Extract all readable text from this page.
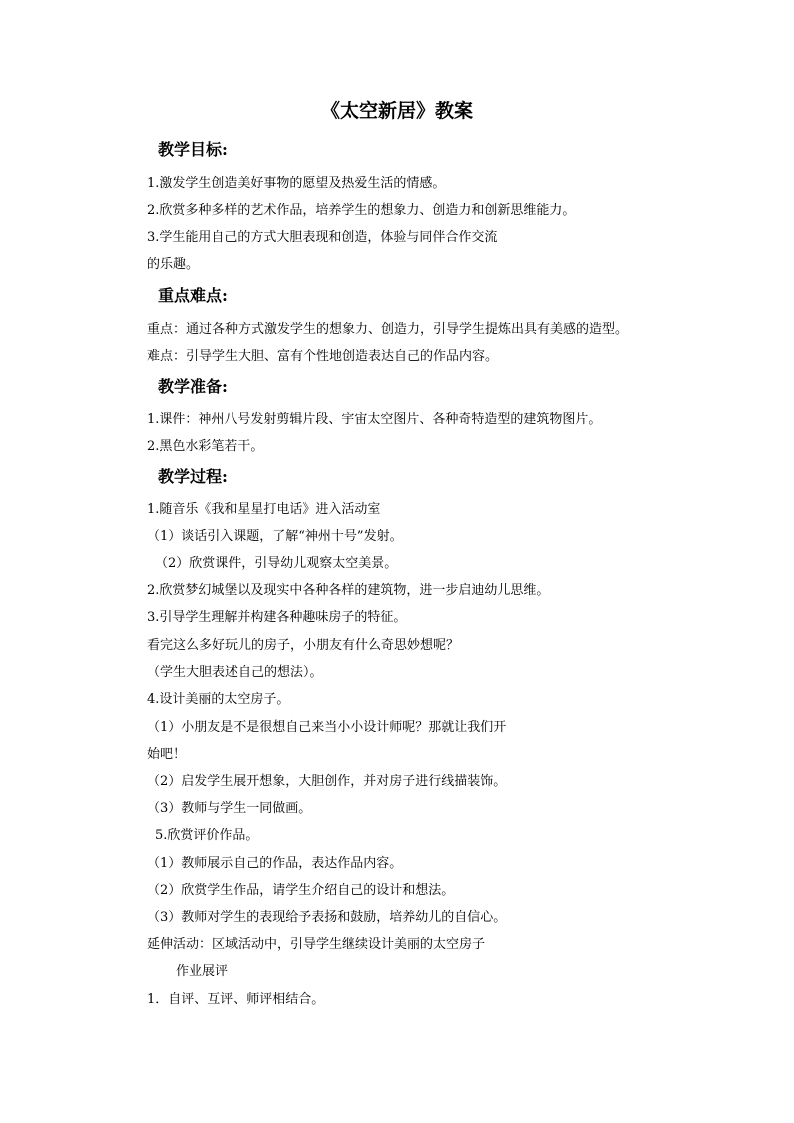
《太空新居》教案
教学目标:
1.激发学生创造美好事物的愿望及热爱生活的情感。
2.欣赏多种多样的艺术作品，培养学生的想象力、创造力和创新思维能力。
3.学生能用自己的方式大胆表现和创造，体验与同伴合作交流
的乐趣。
重点难点:
重点：通过各种方式激发学生的想象力、创造力，引导学生提炼出具有美感的造型。
难点：引导学生大胆、富有个性地创造表达自己的作品内容。
教学准备:
1.课件：神州八号发射剪辑片段、宇宙太空图片、各种奇特造型的建筑物图片。
2.黑色水彩笔若干。
教学过程:
1.随音乐《我和星星打电话》进入活动室
（1）谈话引入课题，了解“神州十号”发射。
（2）欣赏课件，引导幼儿观察太空美景。
2.欣赏梦幻城堡以及现实中各种各样的建筑物，进一步启迪幼儿思维。
3.引导学生理解并构建各种趣味房子的特征。
看完这么多好玩儿的房子，小朋友有什么奇思妙想呢？
（学生大胆表述自己的想法）。
4.设计美丽的太空房子。
（1）小朋友是不是很想自己来当小小设计师呢？那就让我们开
始吧！
（2）启发学生展开想象，大胆创作，并对房子进行线描装饰。
（3）教师与学生一同做画。
5.欣赏评价作品。
（1）教师展示自己的作品，表达作品内容。
（2）欣赏学生作品，请学生介绍自己的设计和想法。
（3）教师对学生的表现给予表扬和鼓励，培养幼儿的自信心。
延伸活动：区域活动中，引导学生继续设计美丽的太空房子
作业展评
1．自评、互评、师评相结合。
